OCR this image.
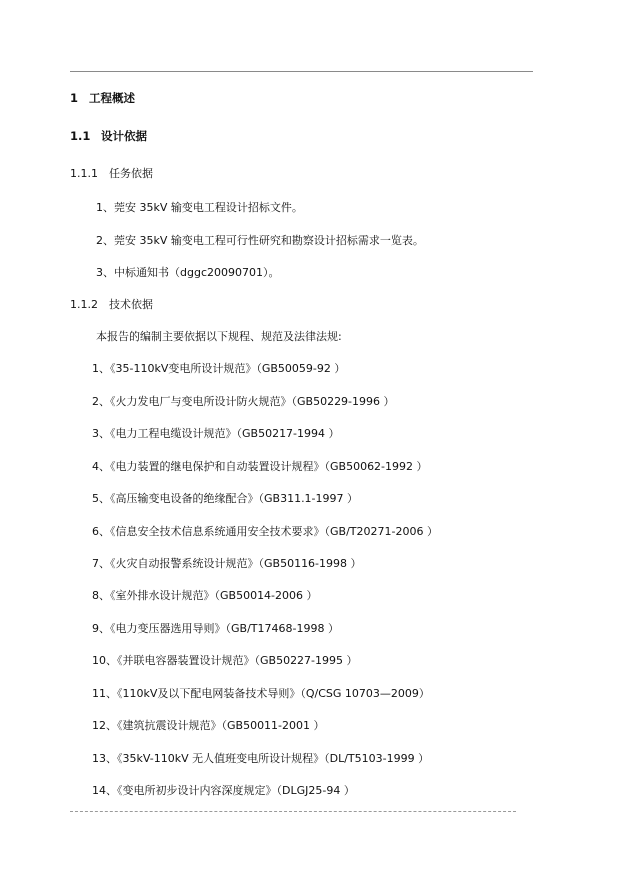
1 工程概述
1.1 设计依据
1.1.1 任务依据
1、莞安 35kV 输变电工程设计招标文件。
2、莞安 35kV 输变电工程可行性研究和勘察设计招标需求一览表。
3、中标通知书（dggc20090701）。
1.1.2 技术依据
本报告的编制主要依据以下规程、规范及法律法规:
1、《35-110kV变电所设计规范》（GB50059-92 ）
2、《火力发电厂与变电所设计防火规范》（GB50229-1996 ）
3、《电力工程电缆设计规范》（GB50217-1994 ）
4、《电力装置的继电保护和自动装置设计规程》（GB50062-1992 ）
5、《高压输变电设备的绝缘配合》（GB311.1-1997 ）
6、《信息安全技术信息系统通用安全技术要求》（GB/T20271-2006 ）
7、《火灾自动报警系统设计规范》（GB50116-1998 ）
8、《室外排水设计规范》（GB50014-2006 ）
9、《电力变压器选用导则》（GB/T17468-1998 ）
10、《并联电容器装置设计规范》（GB50227-1995 ）
11、《110kV及以下配电网装备技术导则》（Q/CSG 10703—2009）
12、《建筑抗震设计规范》（GB50011-2001 ）
13、《35kV-110kV 无人值班变电所设计规程》（DL/T5103-1999 ）
14、《变电所初步设计内容深度规定》（DLGJ25-94 ）
